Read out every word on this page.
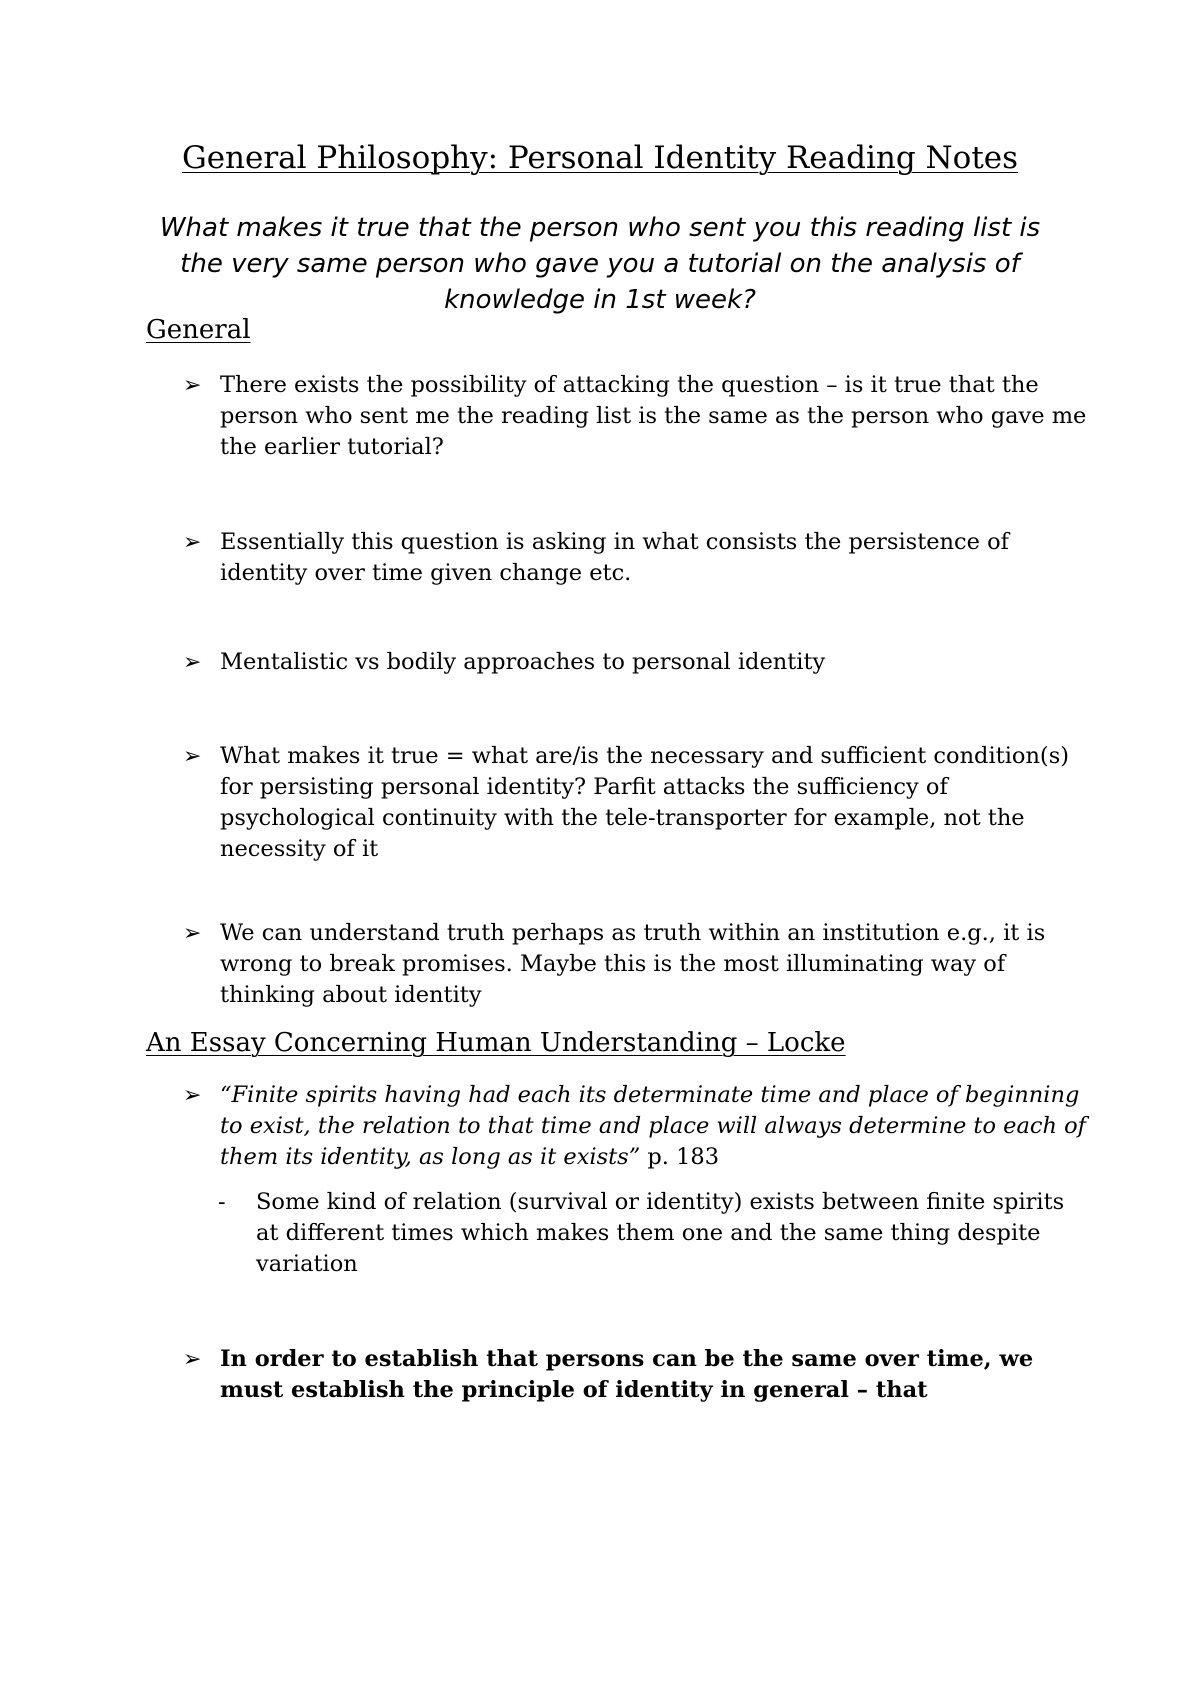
General Philosophy: Personal Identity Reading Notes
What makes it true that the person who sent you this reading list is the very same person who gave you a tutorial on the analysis of knowledge in 1st week?
General
➢ There exists the possibility of attacking the question – is it true that the person who sent me the reading list is the same as the person who gave me the earlier tutorial?
➢ Essentially this question is asking in what consists the persistence of identity over time given change etc.
➢ Mentalistic vs bodily approaches to personal identity
➢ What makes it true = what are/is the necessary and sufficient condition(s) for persisting personal identity? Parfit attacks the sufficiency of psychological continuity with the tele-transporter for example, not the necessity of it
➢ We can understand truth perhaps as truth within an institution e.g., it is wrong to break promises. Maybe this is the most illuminating way of thinking about identity
An Essay Concerning Human Understanding – Locke
➢ “Finite spirits having had each its determinate time and place of beginning to exist, the relation to that time and place will always determine to each of them its identity, as long as it exists” p. 183
- Some kind of relation (survival or identity) exists between finite spirits at different times which makes them one and the same thing despite variation
➢ In order to establish that persons can be the same over time, we must establish the principle of identity in general – that
